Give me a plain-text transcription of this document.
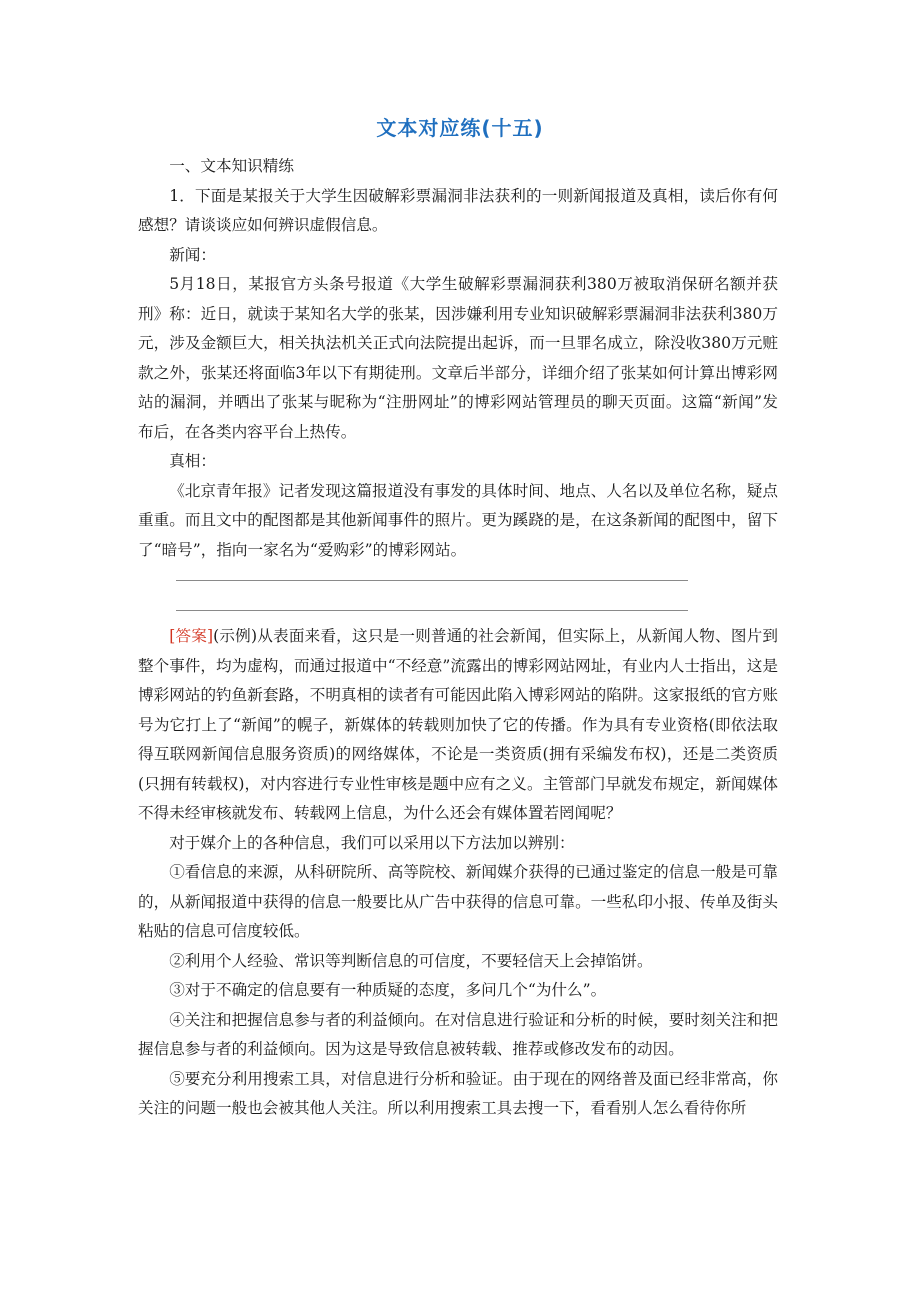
文本对应练(十五)

一、文本知识精练

1．下面是某报关于大学生因破解彩票漏洞非法获利的一则新闻报道及真相，读后你有何感想？请谈谈应如何辨识虚假信息。

新闻：

5月18日，某报官方头条号报道《大学生破解彩票漏洞获利380万被取消保研名额并获刑》称：近日，就读于某知名大学的张某，因涉嫌利用专业知识破解彩票漏洞非法获利380万元，涉及金额巨大，相关执法机关正式向法院提出起诉，而一旦罪名成立，除没收380万元赃款之外，张某还将面临3年以下有期徒刑。文章后半部分，详细介绍了张某如何计算出博彩网站的漏洞，并晒出了张某与昵称为“注册网址”的博彩网站管理员的聊天页面。这篇“新闻”发布后，在各类内容平台上热传。

真相：

《北京青年报》记者发现这篇报道没有事发的具体时间、地点、人名以及单位名称，疑点重重。而且文中的配图都是其他新闻事件的照片。更为蹊跷的是，在这条新闻的配图中，留下了“暗号”，指向一家名为“爱购彩”的博彩网站。

[答案](示例)从表面来看，这只是一则普通的社会新闻，但实际上，从新闻人物、图片到整个事件，均为虚构，而通过报道中“不经意”流露出的博彩网站网址，有业内人士指出，这是博彩网站的钓鱼新套路，不明真相的读者有可能因此陷入博彩网站的陷阱。这家报纸的官方账号为它打上了“新闻”的幌子，新媒体的转载则加快了它的传播。作为具有专业资格(即依法取得互联网新闻信息服务资质)的网络媒体，不论是一类资质(拥有采编发布权)，还是二类资质(只拥有转载权)，对内容进行专业性审核是题中应有之义。主管部门早就发布规定，新闻媒体不得未经审核就发布、转载网上信息，为什么还会有媒体置若罔闻呢？

对于媒介上的各种信息，我们可以采用以下方法加以辨别：

①看信息的来源，从科研院所、高等院校、新闻媒介获得的已通过鉴定的信息一般是可靠的，从新闻报道中获得的信息一般要比从广告中获得的信息可靠。一些私印小报、传单及街头粘贴的信息可信度较低。

②利用个人经验、常识等判断信息的可信度，不要轻信天上会掉馅饼。

③对于不确定的信息要有一种质疑的态度，多问几个“为什么”。

④关注和把握信息参与者的利益倾向。在对信息进行验证和分析的时候，要时刻关注和把握信息参与者的利益倾向。因为这是导致信息被转载、推荐或修改发布的动因。

⑤要充分利用搜索工具，对信息进行分析和验证。由于现在的网络普及面已经非常高，你关注的问题一般也会被其他人关注。所以利用搜索工具去搜一下，看看别人怎么看待你所
